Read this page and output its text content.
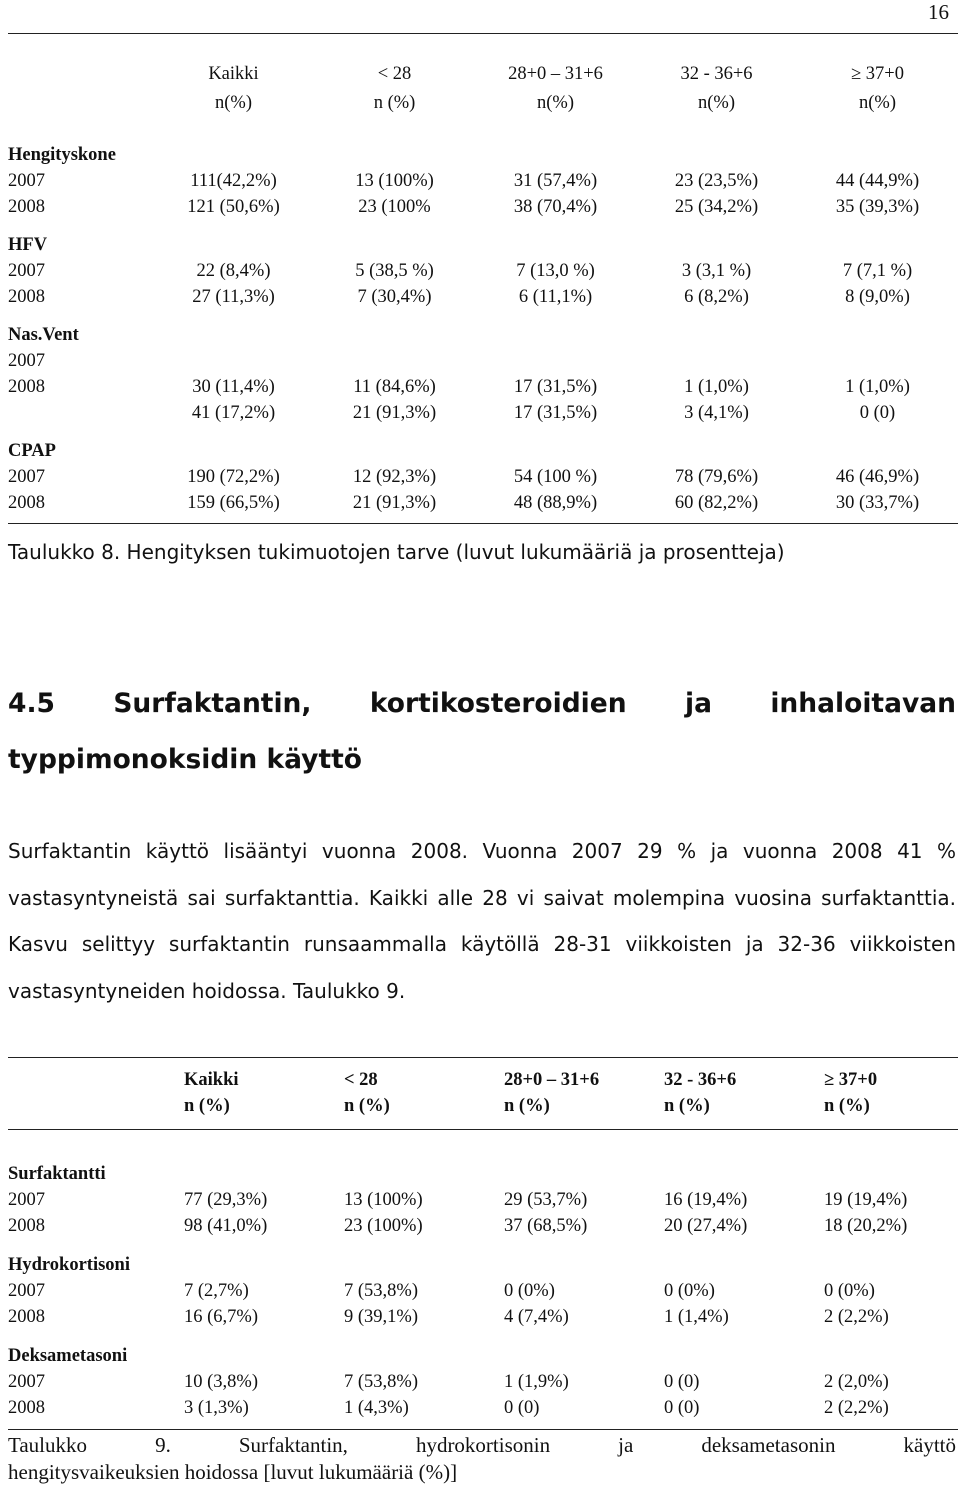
16
	Kaikki	< 28	28+0 – 31+6	32 - 36+6	≥ 37+0
	n(%)	n (%)	n(%)	n(%)	n(%)

Hengityskone					
2007	111(42,2%)	13 (100%)	31 (57,4%)	23 (23,5%)	44 (44,9%)
2008	121 (50,6%)	23 (100%	38 (70,4%)	25 (34,2%)	35 (39,3%)

HFV					
2007	22 (8,4%)	5 (38,5 %)	7 (13,0 %)	3 (3,1 %)	7 (7,1 %)
2008	27 (11,3%)	7 (30,4%)	6 (11,1%)	6 (8,2%)	8 (9,0%)

Nas.Vent					
2007					
2008	30 (11,4%)	11 (84,6%)	17 (31,5%)	1 (1,0%)	1 (1,0%)
	41 (17,2%)	21 (91,3%)	17 (31,5%)	3 (4,1%)	0 (0)

CPAP					
2007	190 (72,2%)	12 (92,3%)	54 (100 %)	78 (79,6%)	46 (46,9%)
2008	159 (66,5%)	21 (91,3%)	48 (88,9%)	60 (82,2%)	30 (33,7%)
Taulukko 8. Hengityksen tukimuotojen tarve (luvut lukumääriä ja prosentteja)
4.5 Surfaktantin, kortikosteroidien ja inhaloitavan typpimonoksidin käyttö
Surfaktantin käyttö lisääntyi vuonna 2008. Vuonna 2007 29 % ja vuonna 2008 41 % vastasyntyneistä sai surfaktanttia. Kaikki alle 28 vi saivat molempina vuosina surfaktanttia. Kasvu selittyy surfaktantin runsaammalla käytöllä 28-31 viikkoisten ja 32-36 viikkoisten vastasyntyneiden hoidossa. Taulukko 9.
	Kaikki	< 28	28+0 – 31+6	32 - 36+6	≥ 37+0
	n (%)	n (%)	n (%)	n (%)	n (%)

Surfaktantti					
2007	77 (29,3%)	13 (100%)	29 (53,7%)	16 (19,4%)	19 (19,4%)
2008	98 (41,0%)	23 (100%)	37 (68,5%)	20 (27,4%)	18 (20,2%)

Hydrokortisoni					
2007	7 (2,7%)	7 (53,8%)	0 (0%)	0 (0%)	0 (0%)
2008	16 (6,7%)	9 (39,1%)	4 (7,4%)	1 (1,4%)	2 (2,2%)

Deksametasoni					
2007	10 (3,8%)	7 (53,8%)	1 (1,9%)	0 (0)	2 (2,0%)
2008	3 (1,3%)	1 (4,3%)	0 (0)	0 (0)	2 (2,2%)
Taulukko	9.	Surfaktantin,	hydrokortisonin	ja	deksametasonin	käyttö
hengitysvaikeuksien hoidossa [luvut lukumääriä (%)]
